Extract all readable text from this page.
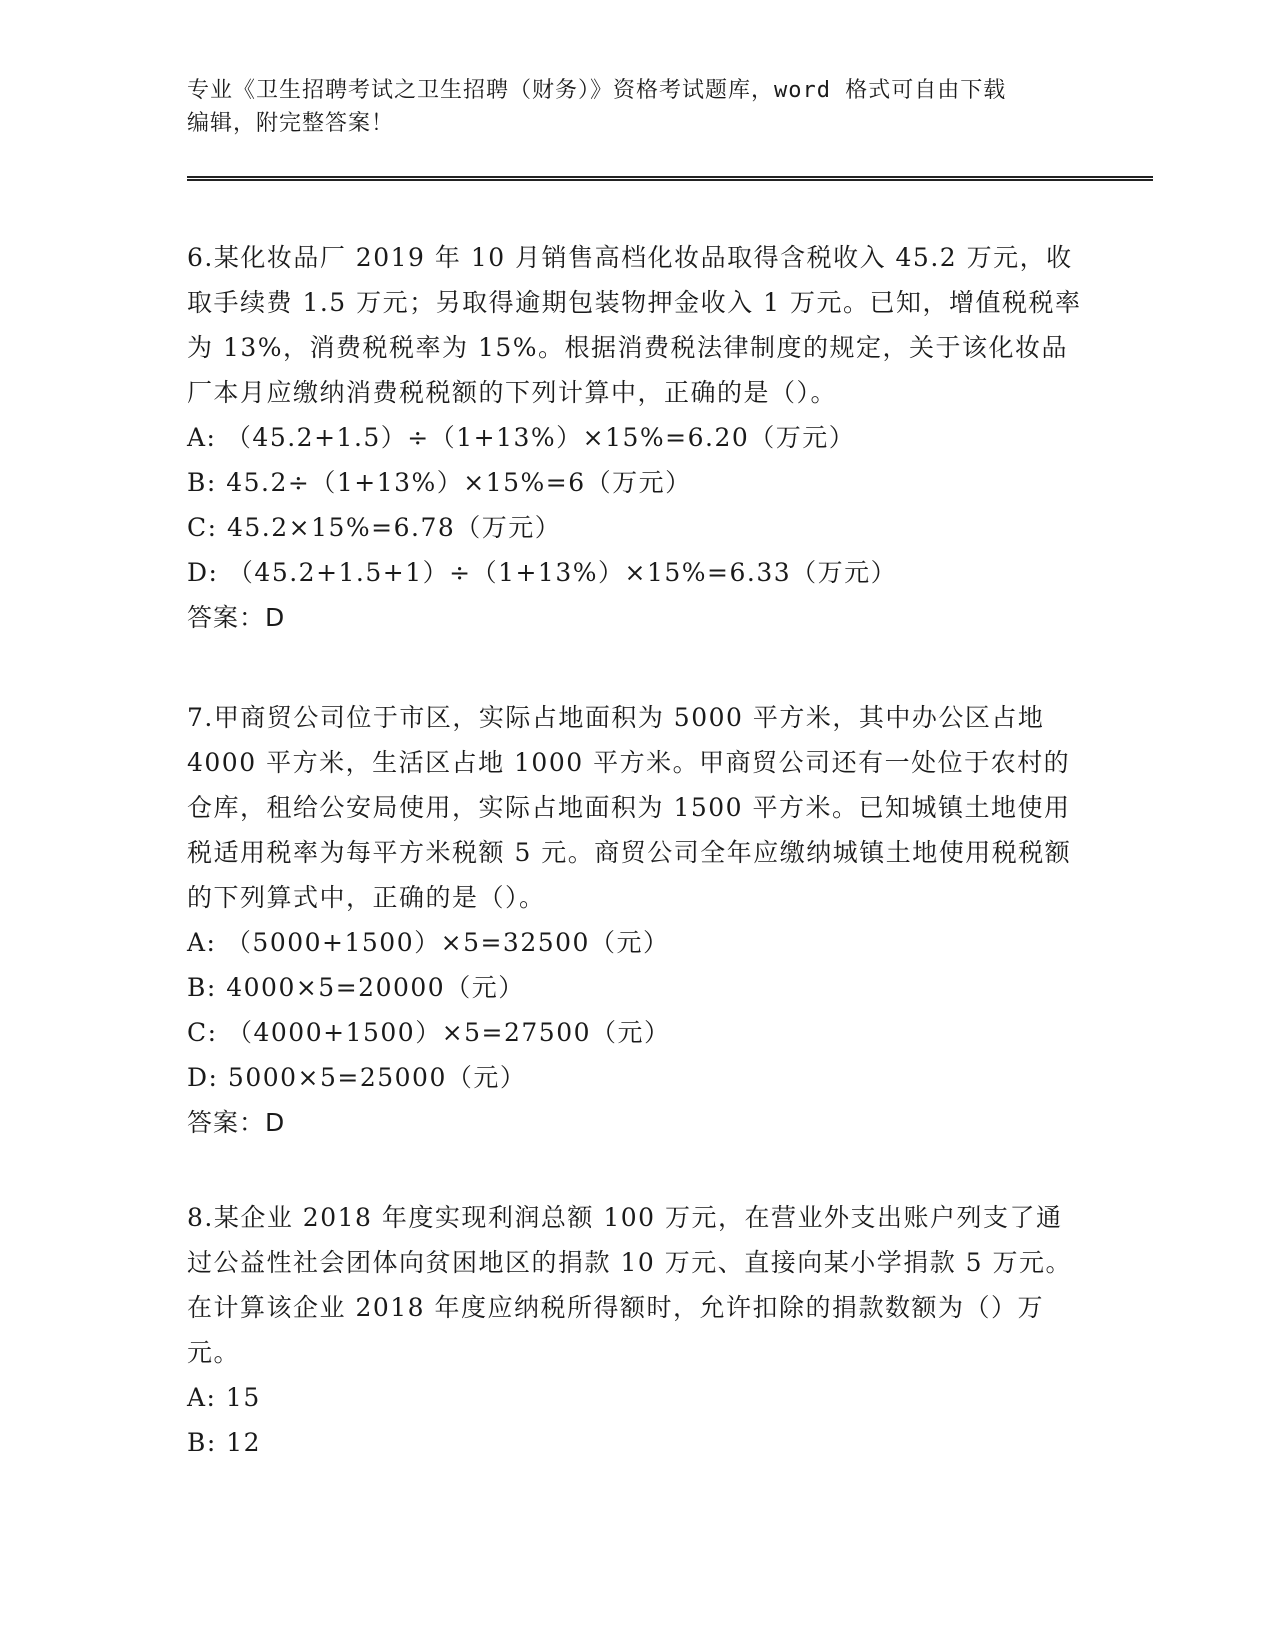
专业《卫生招聘考试之卫生招聘（财务）》资格考试题库，word 格式可自由下载
编辑，附完整答案！
6.某化妆品厂 2019 年 10 月销售高档化妆品取得含税收入 45.2 万元，收取手续费 1.5 万元；另取得逾期包装物押金收入 1 万元。已知，增值税税率为 13%，消费税税率为 15%。根据消费税法律制度的规定，关于该化妆品厂本月应缴纳消费税税额的下列计算中，正确的是（）。
A: （45.2+1.5）÷（1+13%）×15%=6.20（万元）
B: 45.2÷（1+13%）×15%=6（万元）
C: 45.2×15%=6.78（万元）
D: （45.2+1.5+1）÷（1+13%）×15%=6.33（万元）
答案：D
7.甲商贸公司位于市区，实际占地面积为 5000 平方米，其中办公区占地 4000 平方米，生活区占地 1000 平方米。甲商贸公司还有一处位于农村的仓库，租给公安局使用，实际占地面积为 1500 平方米。已知城镇土地使用税适用税率为每平方米税额 5 元。商贸公司全年应缴纳城镇土地使用税税额的下列算式中，正确的是（）。
A: （5000+1500）×5=32500（元）
B: 4000×5=20000（元）
C: （4000+1500）×5=27500（元）
D: 5000×5=25000（元）
答案：D
8.某企业 2018 年度实现利润总额 100 万元，在营业外支出账户列支了通过公益性社会团体向贫困地区的捐款 10 万元、直接向某小学捐款 5 万元。在计算该企业 2018 年度应纳税所得额时，允许扣除的捐款数额为（）万元。
A: 15
B: 12
